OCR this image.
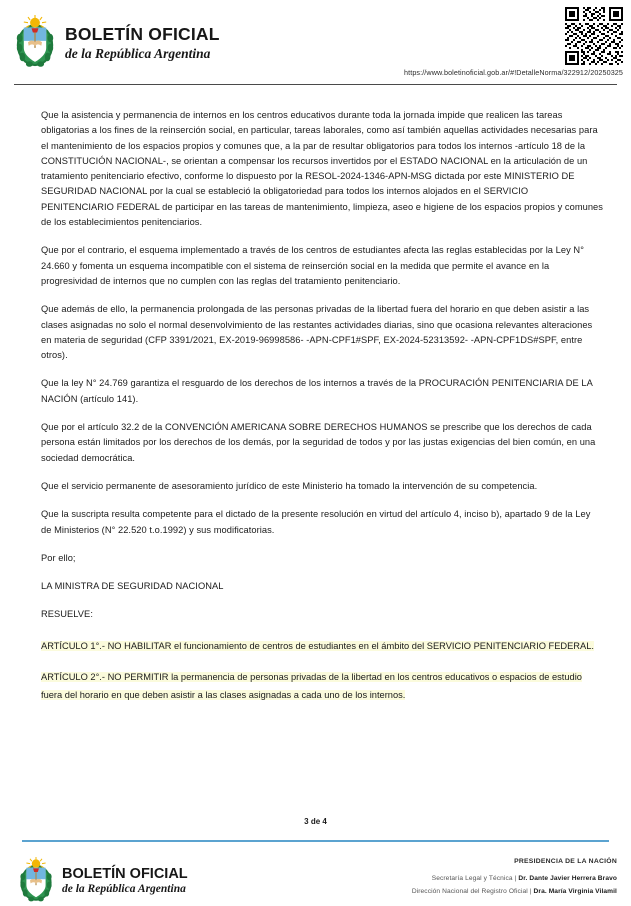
BOLETÍN OFICIAL
de la República Argentina
https://www.boletinoficial.gob.ar/#!DetalleNorma/322912/20250325

Que la asistencia y permanencia de internos en los centros educativos durante toda la jornada impide que realicen las tareas obligatorias a los fines de la reinserción social, en particular, tareas laborales, como así también aquellas actividades necesarias para el mantenimiento de los espacios propios y comunes que, a la par de resultar obligatorios para todos los internos -artículo 18 de la CONSTITUCIÓN NACIONAL-, se orientan a compensar los recursos invertidos por el ESTADO NACIONAL en la articulación de un tratamiento penitenciario efectivo, conforme lo dispuesto por la RESOL-2024-1346-APN-MSG dictada por este MINISTERIO DE SEGURIDAD NACIONAL por la cual se estableció la obligatoriedad para todos los internos alojados en el SERVICIO PENITENCIARIO FEDERAL de participar en las tareas de mantenimiento, limpieza, aseo e higiene de los espacios propios y comunes de los establecimientos penitenciarios.

Que por el contrario, el esquema implementado a través de los centros de estudiantes afecta las reglas establecidas por la Ley N° 24.660 y fomenta un esquema incompatible con el sistema de reinserción social en la medida que permite el avance en la progresividad de internos que no cumplen con las reglas del tratamiento penitenciario.

Que además de ello, la permanencia prolongada de las personas privadas de la libertad fuera del horario en que deben asistir a las clases asignadas no solo el normal desenvolvimiento de las restantes actividades diarias, sino que ocasiona relevantes alteraciones en materia de seguridad (CFP 3391/2021, EX-2019-96998586- -APN-CPF1#SPF, EX-2024-52313592- -APN-CPF1DS#SPF, entre otros).

Que la ley N° 24.769 garantiza el resguardo de los derechos de los internos a través de la PROCURACIÓN PENITENCIARIA DE LA NACIÓN (artículo 141).

Que por el artículo 32.2 de la CONVENCIÓN AMERICANA SOBRE DERECHOS HUMANOS se prescribe que los derechos de cada persona están limitados por los derechos de los demás, por la seguridad de todos y por las justas exigencias del bien común, en una sociedad democrática.

Que el servicio permanente de asesoramiento jurídico de este Ministerio ha tomado la intervención de su competencia.

Que la suscripta resulta competente para el dictado de la presente resolución en virtud del artículo 4, inciso b), apartado 9 de la Ley de Ministerios (N° 22.520 t.o.1992) y sus modificatorias.

Por ello;

LA MINISTRA DE SEGURIDAD NACIONAL

RESUELVE:

ARTÍCULO 1°.- NO HABILITAR el funcionamiento de centros de estudiantes en el ámbito del SERVICIO PENITENCIARIO FEDERAL.
ARTÍCULO 2°.- NO PERMITIR la permanencia de personas privadas de la libertad en los centros educativos o espacios de estudio fuera del horario en que deben asistir a las clases asignadas a cada uno de los internos.
3 de 4
BOLETÍN OFICIAL
de la República Argentina
PRESIDENCIA DE LA NACIÓN
Secretaría Legal y Técnica | Dr. Dante Javier Herrera Bravo
Dirección Nacional del Registro Oficial | Dra. María Virginia Vilamil
